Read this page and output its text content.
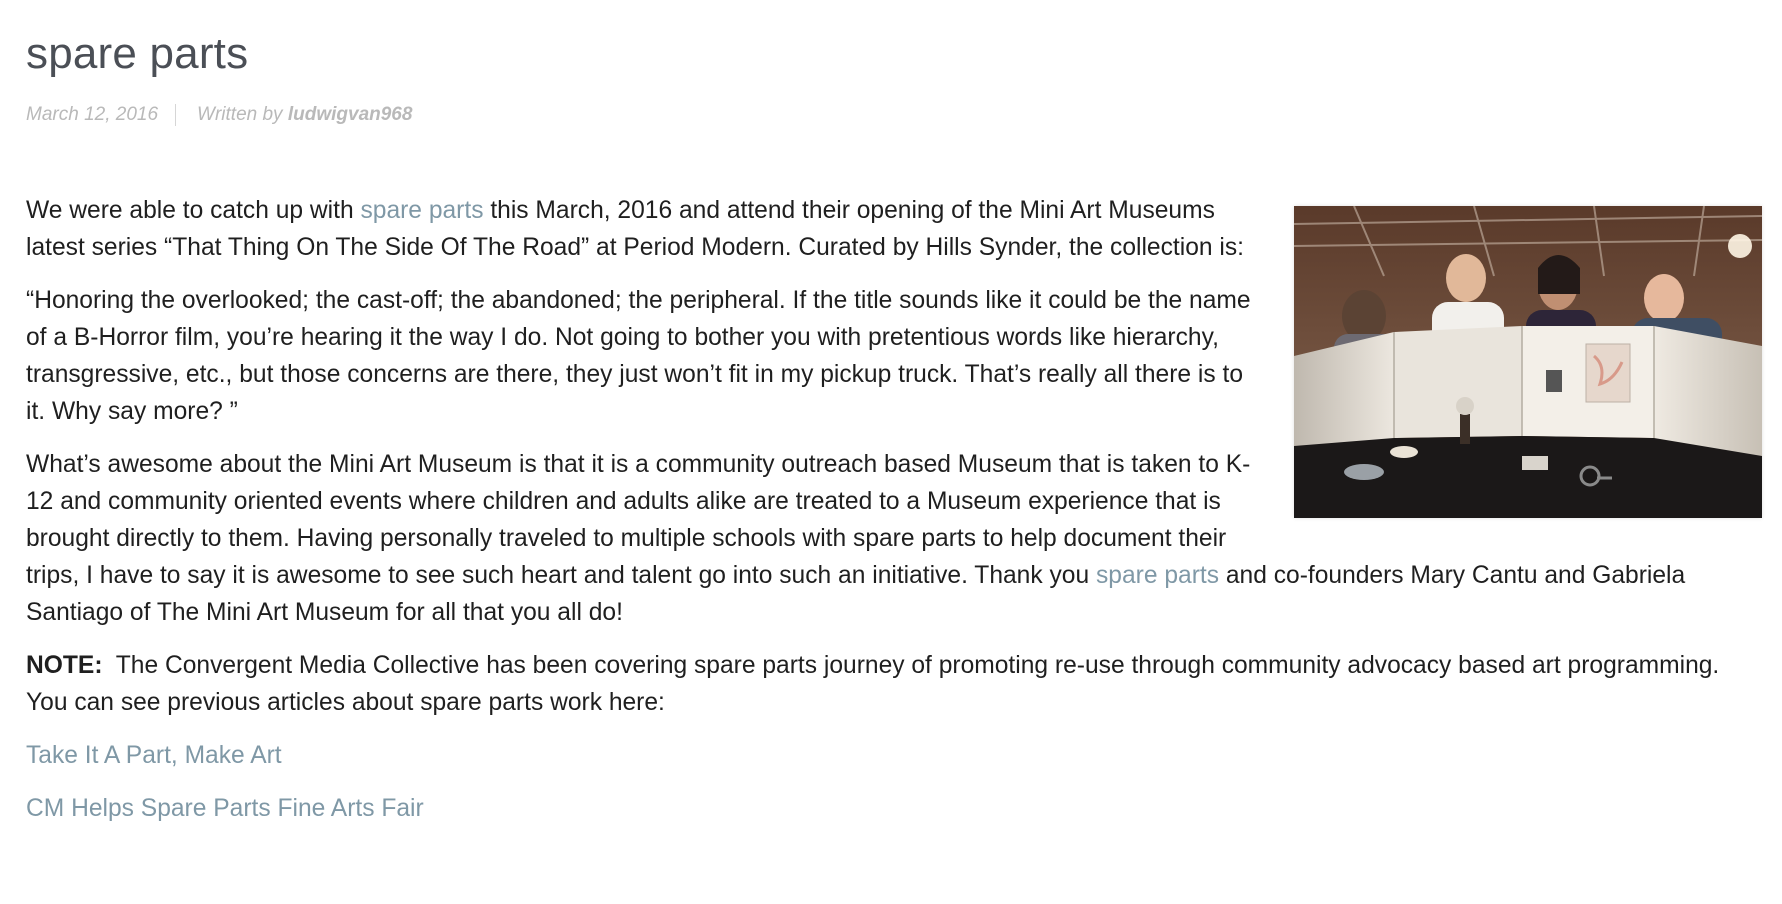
spare parts
March 12, 2016 Written by
ludwigvan968

We were able to catch up with spare parts this March, 2016 and attend their opening of the Mini Art Museums latest series “That Thing On The Side Of The Road” at Period Modern. Curated by Hills Synder, the collection is:

“Honoring the overlooked; the cast-off; the abandoned; the peripheral. If the title sounds like it could be the name of a B-Horror film, you’re hearing it the way I do. Not going to bother you with pretentious words like hierarchy, transgressive, etc., but those concerns are there, they just won’t fit in my pickup truck. That’s really all there is to it. Why say more? ”

What’s awesome about the Mini Art Museum is that it is a community outreach based Museum that is taken to K-12 and community oriented events where children and adults alike are treated to a Museum experience that is brought directly to them. Having personally traveled to multiple schools with spare parts to help document their trips, I have to say it is awesome to see such heart and talent go into such an initiative. Thank you spare parts and co-founders Mary Cantu and Gabriela Santiago of The Mini Art Museum for all that you all do!

NOTE:  The Convergent Media Collective has been covering spare parts journey of promoting re-use through community advocacy based art programming.  You can see previous articles about spare parts work here:

Take It A Part, Make Art

CM Helps Spare Parts Fine Arts Fair
